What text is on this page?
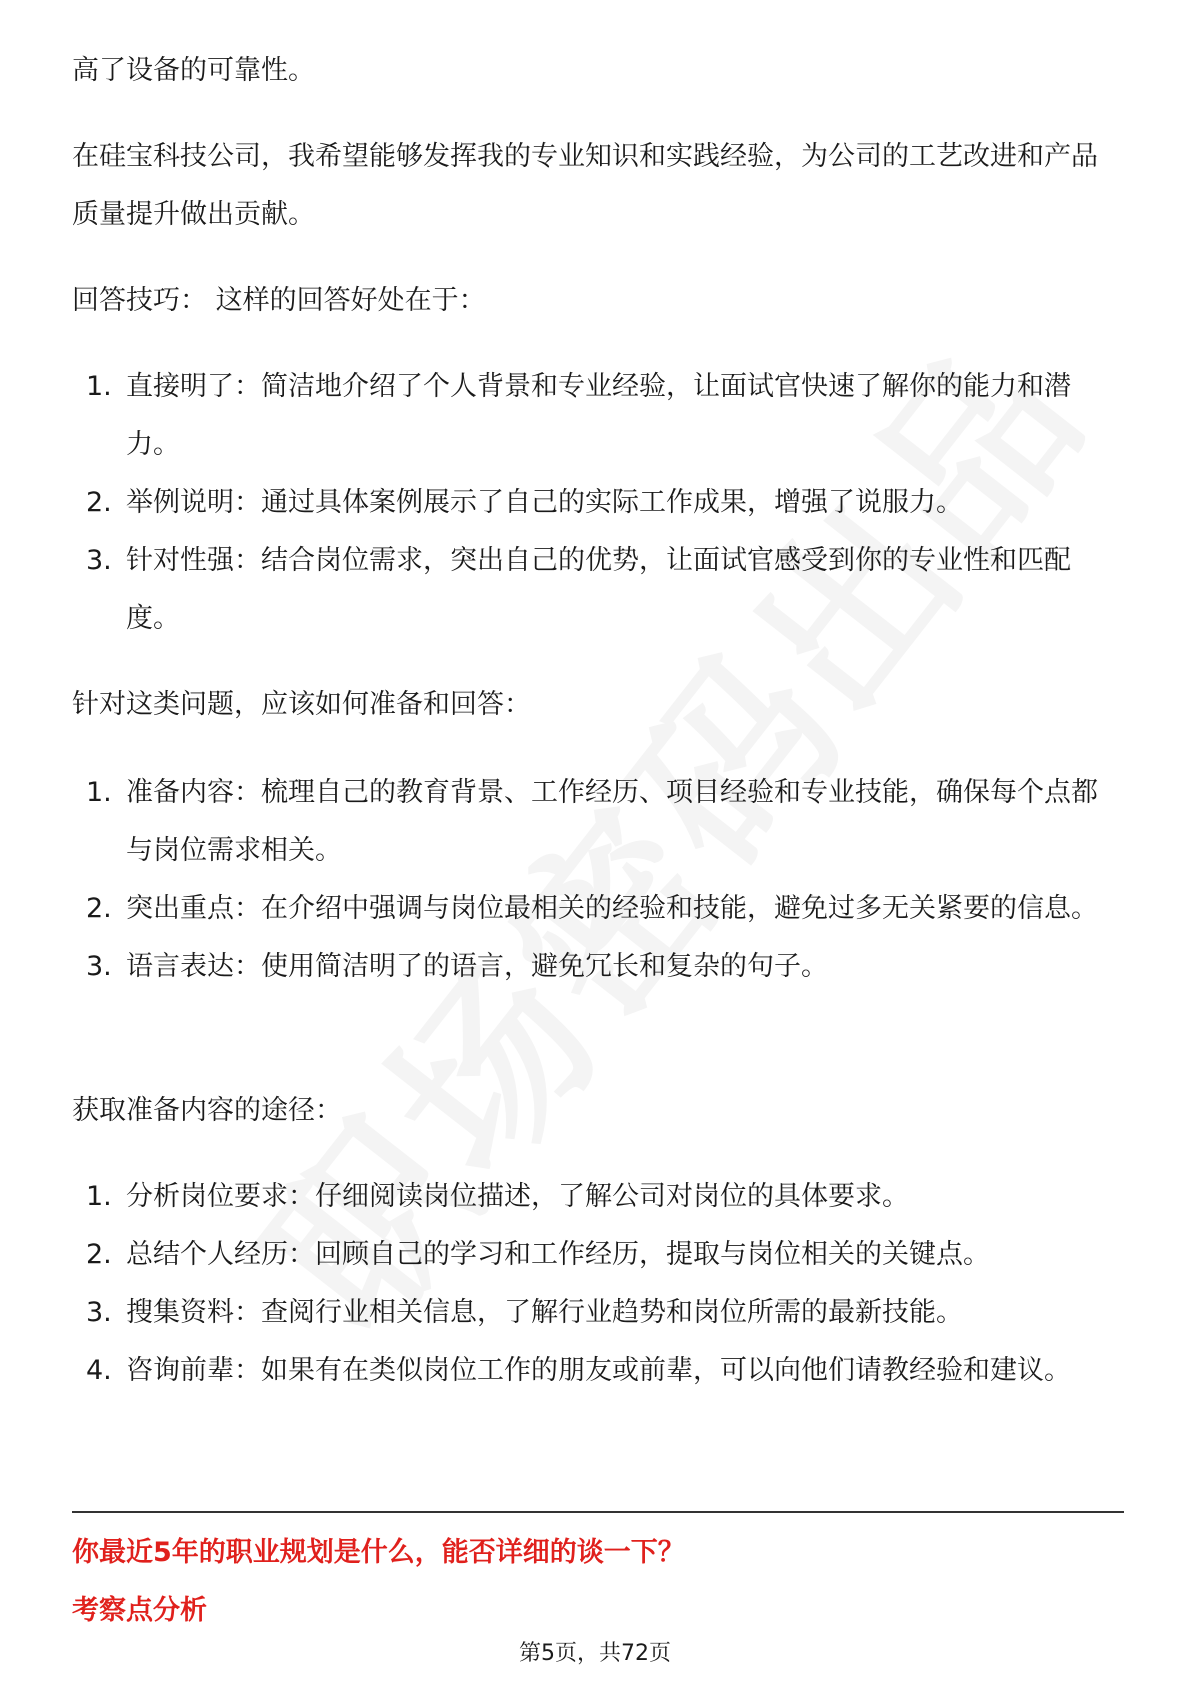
高了设备的可靠性。

在硅宝科技公司，我希望能够发挥我的专业知识和实践经验，为公司的工艺改进和产品质量提升做出贡献。

回答技巧： 这样的回答好处在于：

1. 直接明了：简洁地介绍了个人背景和专业经验，让面试官快速了解你的能力和潜力。
2. 举例说明：通过具体案例展示了自己的实际工作成果，增强了说服力。
3. 针对性强：结合岗位需求，突出自己的优势，让面试官感受到你的专业性和匹配度。

针对这类问题，应该如何准备和回答：

1. 准备内容：梳理自己的教育背景、工作经历、项目经验和专业技能，确保每个点都与岗位需求相关。
2. 突出重点：在介绍中强调与岗位最相关的经验和技能，避免过多无关紧要的信息。
3. 语言表达：使用简洁明了的语言，避免冗长和复杂的句子。

获取准备内容的途径：

1. 分析岗位要求：仔细阅读岗位描述，了解公司对岗位的具体要求。
2. 总结个人经历：回顾自己的学习和工作经历，提取与岗位相关的关键点。
3. 搜集资料：查阅行业相关信息，了解行业趋势和岗位所需的最新技能。
4. 咨询前辈：如果有在类似岗位工作的朋友或前辈，可以向他们请教经验和建议。
你最近5年的职业规划是什么，能否详细的谈一下？
考察点分析
第5页，共72页
